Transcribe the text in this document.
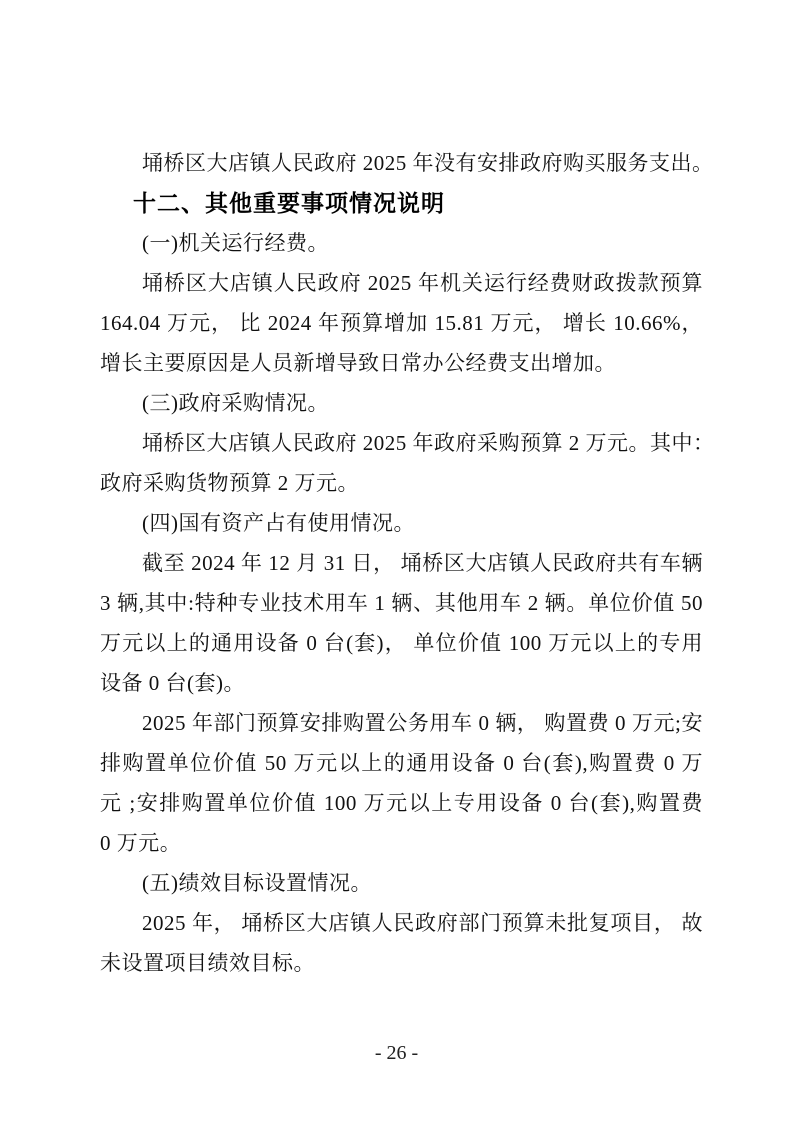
埇桥区大店镇人民政府 2025 年没有安排政府购买服务支出。
十二、其他重要事项情况说明
(一)机关运行经费。
埇桥区大店镇人民政府 2025 年机关运行经费财政拨款预算
164.04 万元， 比 2024 年预算增加 15.81 万元， 增长 10.66%，
增长主要原因是人员新增导致日常办公经费支出增加。
(三)政府采购情况。
埇桥区大店镇人民政府 2025 年政府采购预算 2 万元。其中：
政府采购货物预算 2 万元。
(四)国有资产占有使用情况。
截至 2024 年 12 月 31 日， 埇桥区大店镇人民政府共有车辆
3 辆,其中:特种专业技术用车 1 辆、其他用车 2 辆。单位价值 50
万元以上的通用设备 0 台(套)， 单位价值 100 万元以上的专用
设备 0 台(套)。
2025 年部门预算安排购置公务用车 0 辆， 购置费 0 万元;安
排购置单位价值 50 万元以上的通用设备 0 台(套),购置费 0 万
元 ;安排购置单位价值 100 万元以上专用设备 0 台(套),购置费
0 万元。
(五)绩效目标设置情况。
2025 年， 埇桥区大店镇人民政府部门预算未批复项目， 故
未设置项目绩效目标。
- 26 -
